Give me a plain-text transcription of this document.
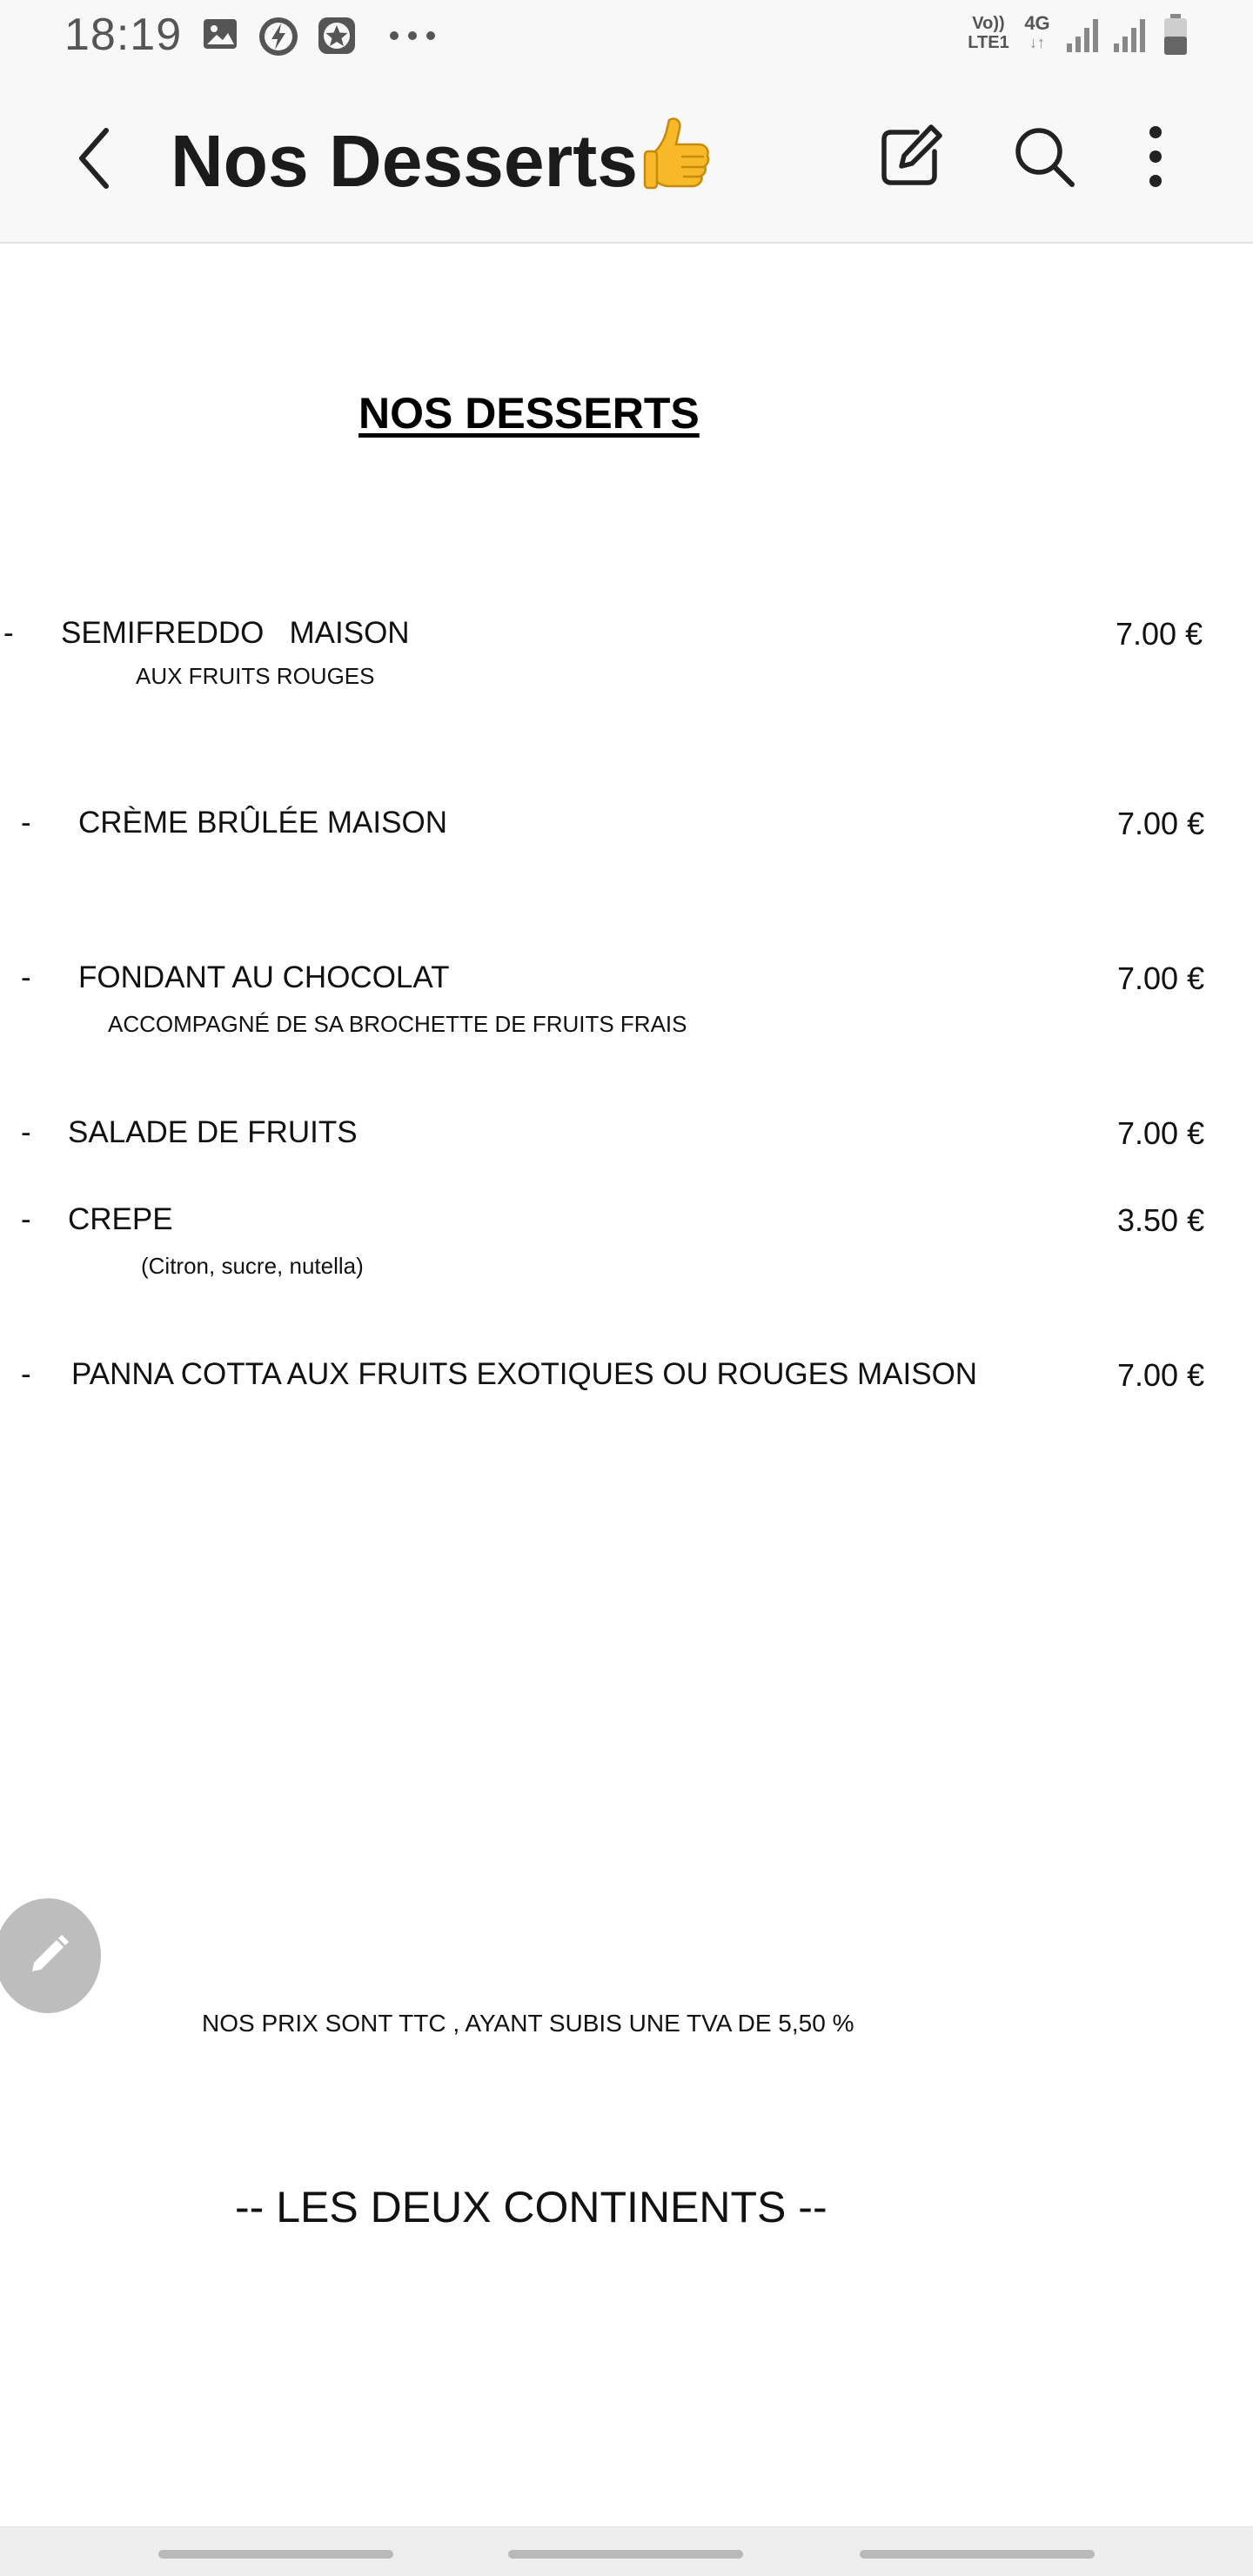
18:19	Vo))
LTE1
4G
↓↑
Nos Desserts
NOS DESSERTS
- SEMIFREDDO   MAISON	7.00 €
AUX FRUITS ROUGES
- CRÈME BRÛLÉE MAISON	7.00 €
- FONDANT AU CHOCOLAT	7.00 €
ACCOMPAGNÉ DE SA BROCHETTE DE FRUITS FRAIS
- SALADE DE FRUITS	7.00 €
- CREPE	3.50 €
(Citron, sucre, nutella)
- PANNA COTTA AUX FRUITS EXOTIQUES OU ROUGES MAISON	7.00 €
NOS PRIX SONT TTC , AYANT SUBIS UNE TVA DE 5,50 %
-- LES DEUX CONTINENTS --
